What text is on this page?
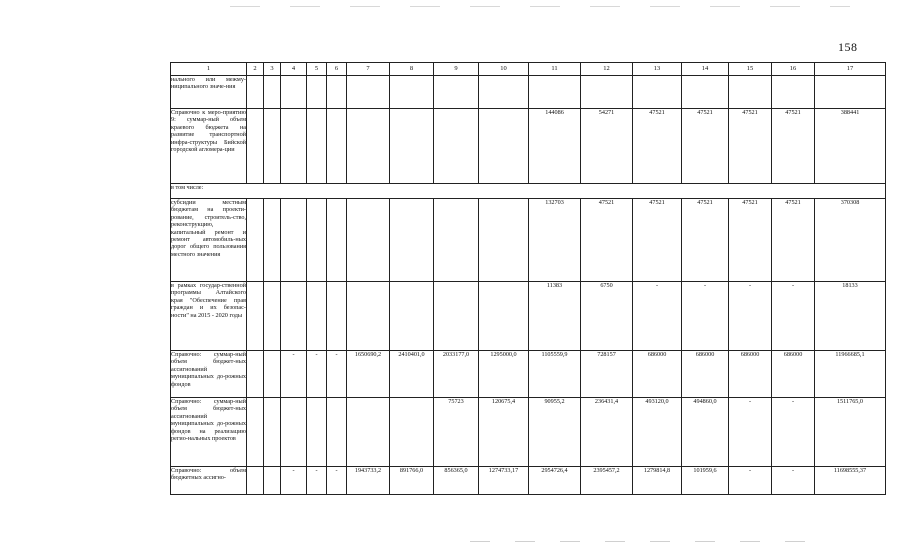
158
1	2	3	4	5	6	7	8	9	10	11	12	13	14	15	16	17
нального или межму-ниципального значе-ния																
Справочно к меро-приятию 9: суммар-ный объем краевого бюджета на развитие транспортной инфра-структуры Бийской городской агломера-ции										144086	54271	47521	47521	47521	47521	388441
в том числе:																
субсидии местным бюджетам на проекти-рование, строитель-ство, реконструкцию, капитальный ремонт и ремонт автомобиль-ных дорог общего пользования местного значения										132703	47521	47521	47521	47521	47521	370308
в рамках государ-ственной программы Алтайского края "Обеспечение прав граждан и их безопас-ности" на 2015 - 2020 годы										11383	6750	-	-	-	-	18133
Справочно: суммар-ный объем бюджет-ных ассигнований муниципальных до-рожных фондов			-	-	-	1650690,2	2410401,0	2033177,0	1295000,0	1105559,9	728157	686000	686000	686000	686000	11966685,1
Справочно: суммар-ный объем бюджет-ных ассигнований муниципальных до-рожных фондов на реализацию регио-нальных проектов								75723	120675,4	90955,2	236431,4	493120,0	494860,0	-	-	1511765,0
Справочно: объем бюджетных ассигно-			-	-	-	1943733,2	891766,0	856365,0	1274733,17	2954726,4	2395457,2	1279814,8	101959,6	-	-	11698555,37
